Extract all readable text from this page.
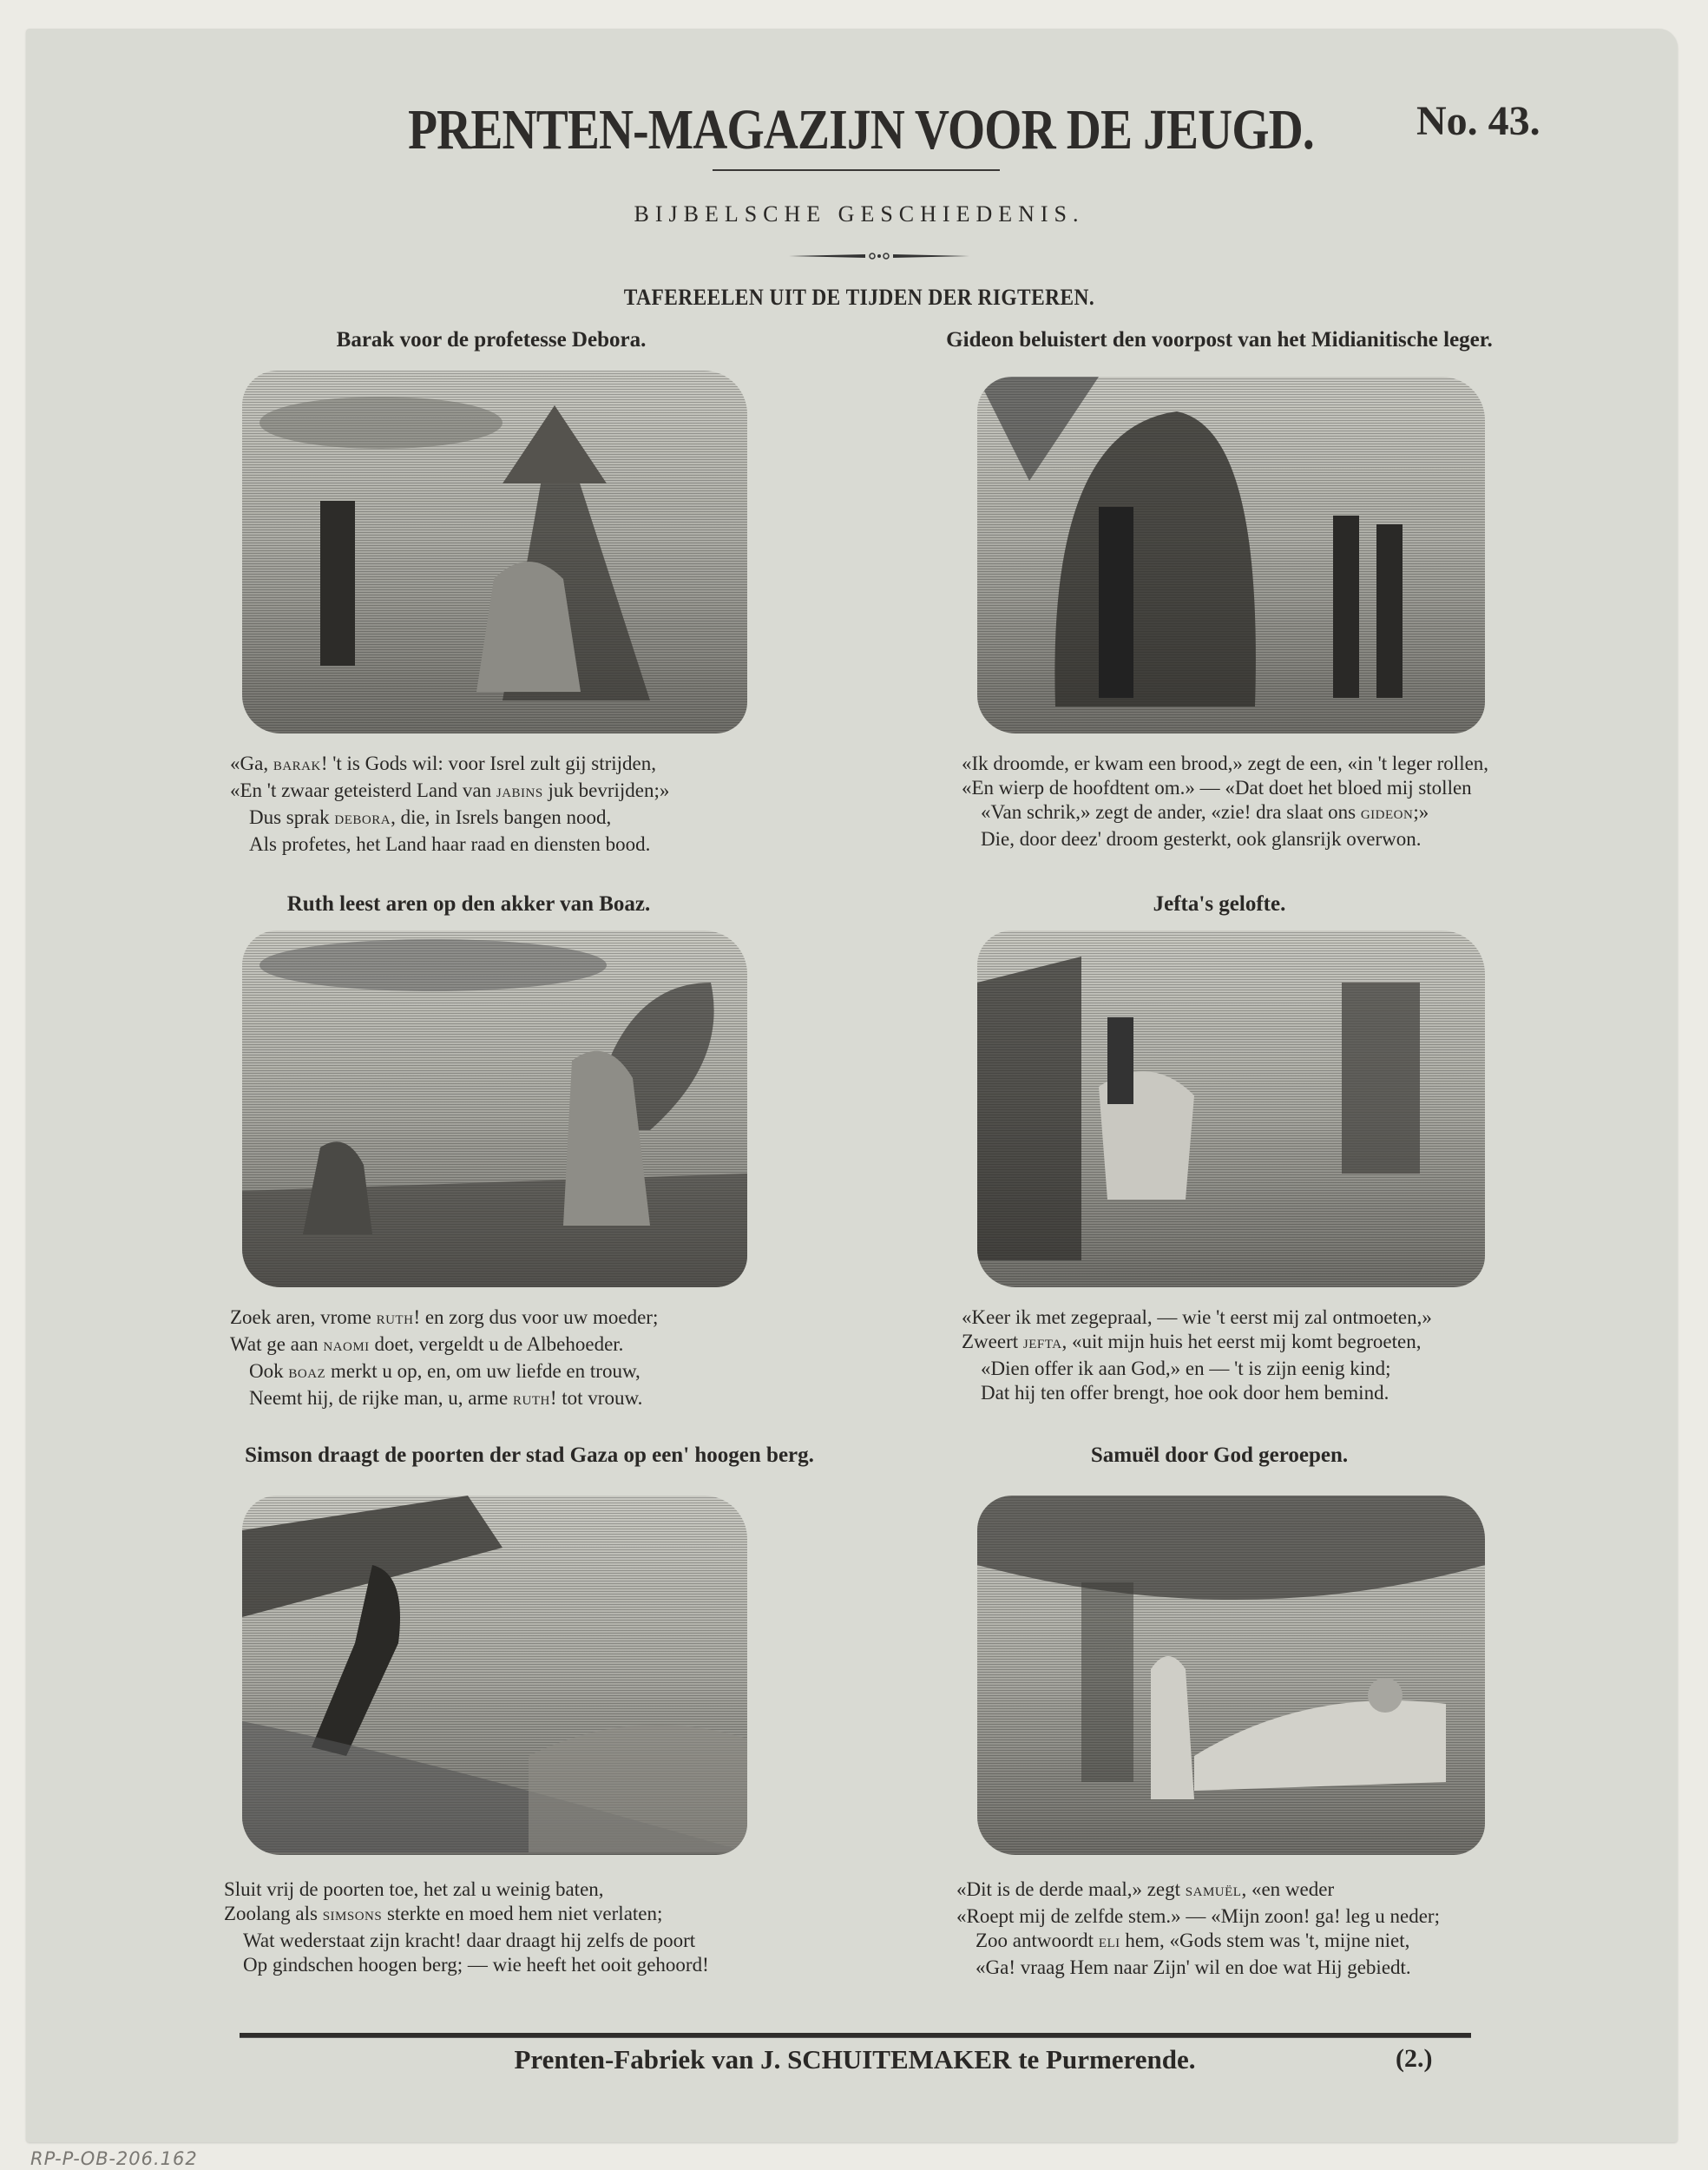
PRENTEN-MAGAZIJN VOOR DE JEUGD. No. 43.
BIJBELSCHE GESCHIEDENIS.
TAFEREELEN UIT DE TIJDEN DER RIGTEREN.
Barak voor de profetesse Debora.
«Ga, BARAK! 't is Gods wil: voor Isrel zult gij strijden,
«En 't zwaar geteisterd Land van JABINS juk bevrijden;»
Dus sprak DEBORA, die, in Isrels bangen nood,
Als profetes, het Land haar raad en diensten bood.
Gideon beluistert den voorpost van het Midianitische leger.
«Ik droomde, er kwam een brood,» zegt de een, «in 't leger rollen,
«En wierp de hoofdtent om.» — «Dat doet het bloed mij stollen
«Van schrik,» zegt de ander, «zie! dra slaat ons GIDEON;»
Die, door deez' droom gesterkt, ook glansrijk overwon.
Ruth leest aren op den akker van Boaz.
Zoek aren, vrome RUTH! en zorg dus voor uw moeder;
Wat ge aan NAOMI doet, vergeldt u de Albehoeder.
Ook BOAZ merkt u op, en, om uw liefde en trouw,
Neemt hij, de rijke man, u, arme RUTH! tot vrouw.
Jefta's gelofte.
«Keer ik met zegepraal, — wie 't eerst mij zal ontmoeten,»
Zweert JEFTA, «uit mijn huis het eerst mij komt begroeten,
«Dien offer ik aan God,» en — 't is zijn eenig kind;
Dat hij ten offer brengt, hoe ook door hem bemind.
Simson draagt de poorten der stad Gaza op een' hoogen berg.
Sluit vrij de poorten toe, het zal u weinig baten,
Zoolang als SIMSONS sterkte en moed hem niet verlaten;
Wat wederstaat zijn kracht! daar draagt hij zelfs de poort
Op gindschen hoogen berg; — wie heeft het ooit gehoord!
Samuël door God geroepen.
«Dit is de derde maal,» zegt SAMUËL, «en weder
«Roept mij de zelfde stem.» — «Mijn zoon! ga! leg u neder;
Zoo antwoordt ELI hem, «Gods stem was 't, mijne niet,
«Ga! vraag Hem naar Zijn' wil en doe wat Hij gebiedt.
Prenten-Fabriek van J. SCHUITEMAKER te Purmerende.	(2.)
RP-P-OB-206.162
